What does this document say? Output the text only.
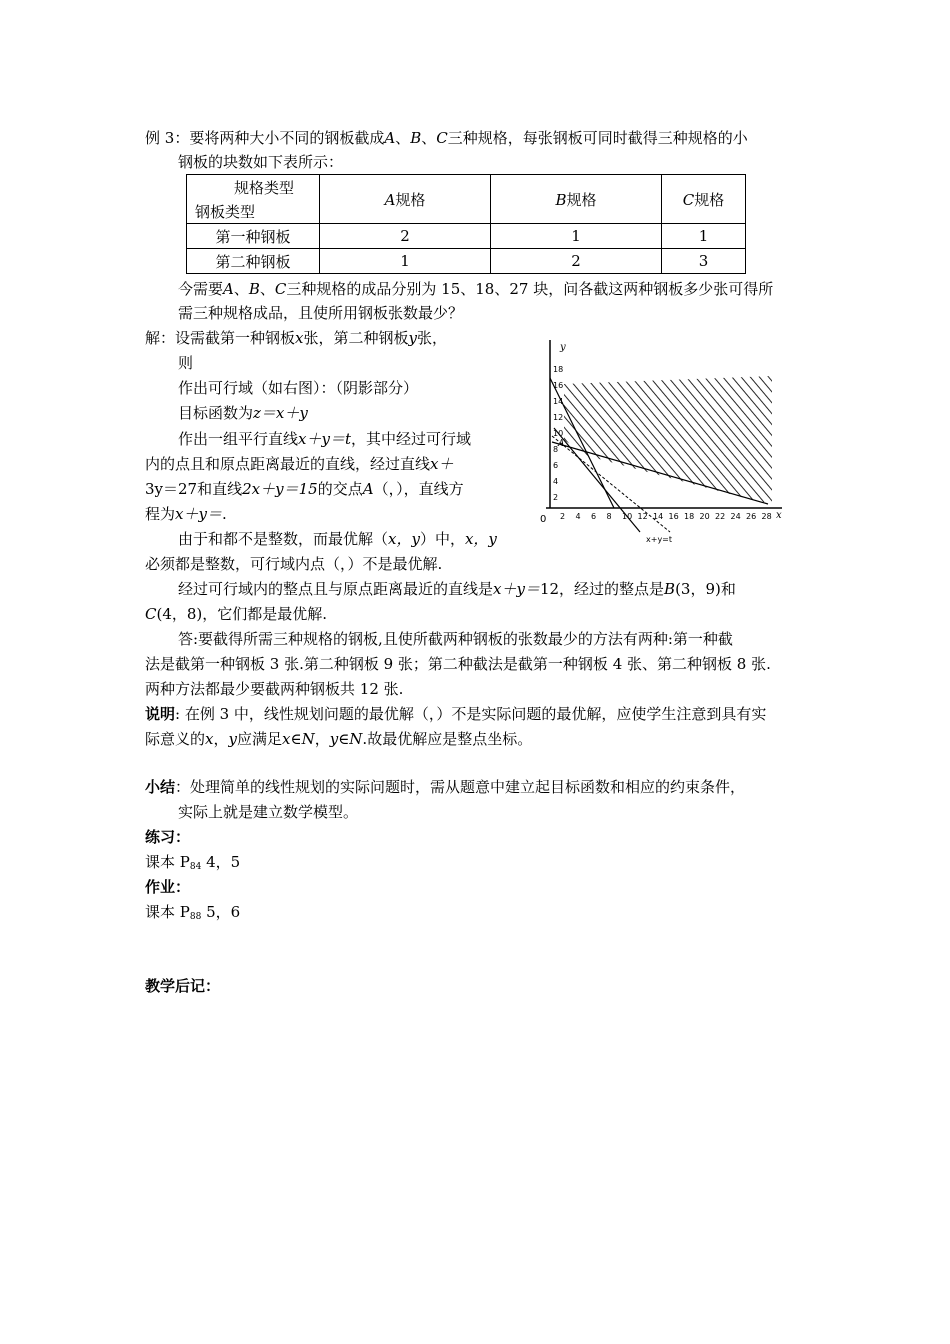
例 3：要将两种大小不同的钢板截成A、B、C三种规格，每张钢板可同时截得三种规格的小
钢板的块数如下表所示：
规格类型
钢板类型	A规格	B规格	C规格
第一种钢板	2	1	1
第二种钢板	1	2	3
今需要A、B、C三种规格的成品分别为 15、18、27 块，问各截这两种钢板多少张可得所
需三种规格成品，且使所用钢板张数最少？
解：设需截第一种钢板x张，第二种钢板y张，
则
作出可行域（如右图）：（阴影部分）
目标函数为z＝x＋y
作出一组平行直线x＋y＝t，其中经过可行域
内的点且和原点距离最近的直线，经过直线x＋
3y＝27和直线2x＋y＝15的交点A（，），直线方
程为x＋y＝.
由于和都不是整数，而最优解（x，y）中，x，y
必须都是整数，可行域内点（，）不是最优解.
经过可行域内的整点且与原点距离最近的直线是x＋y＝12，经过的整点是B(3，9)和
C(4，8)，它们都是最优解.
答:要截得所需三种规格的钢板,且使所截两种钢板的张数最少的方法有两种:第一种截
法是截第一种钢板 3 张.第二种钢板 9 张；第二种截法是截第一种钢板 4 张、第二种钢板 8 张.
两种方法都最少要截两种钢板共 12 张.
说明: 在例 3 中，线性规划问题的最优解（，）不是实际问题的最优解，应使学生注意到具有实
际意义的x，y应满足x∈N，y∈N.故最优解应是整点坐标。
小结：处理简单的线性规划的实际问题时，需从题意中建立起目标函数和相应的约束条件，
实际上就是建立数学模型。
练习：
课本 $P_{84}$ 4，5
作业：
课本 $P_{88}$ 5，6
教学后记：
2
4
6
8
10
12
14
16
18
2 4 6 8 10 12 14 16 18 20 22 24 26 28
y
x
0
A
x+y=t
